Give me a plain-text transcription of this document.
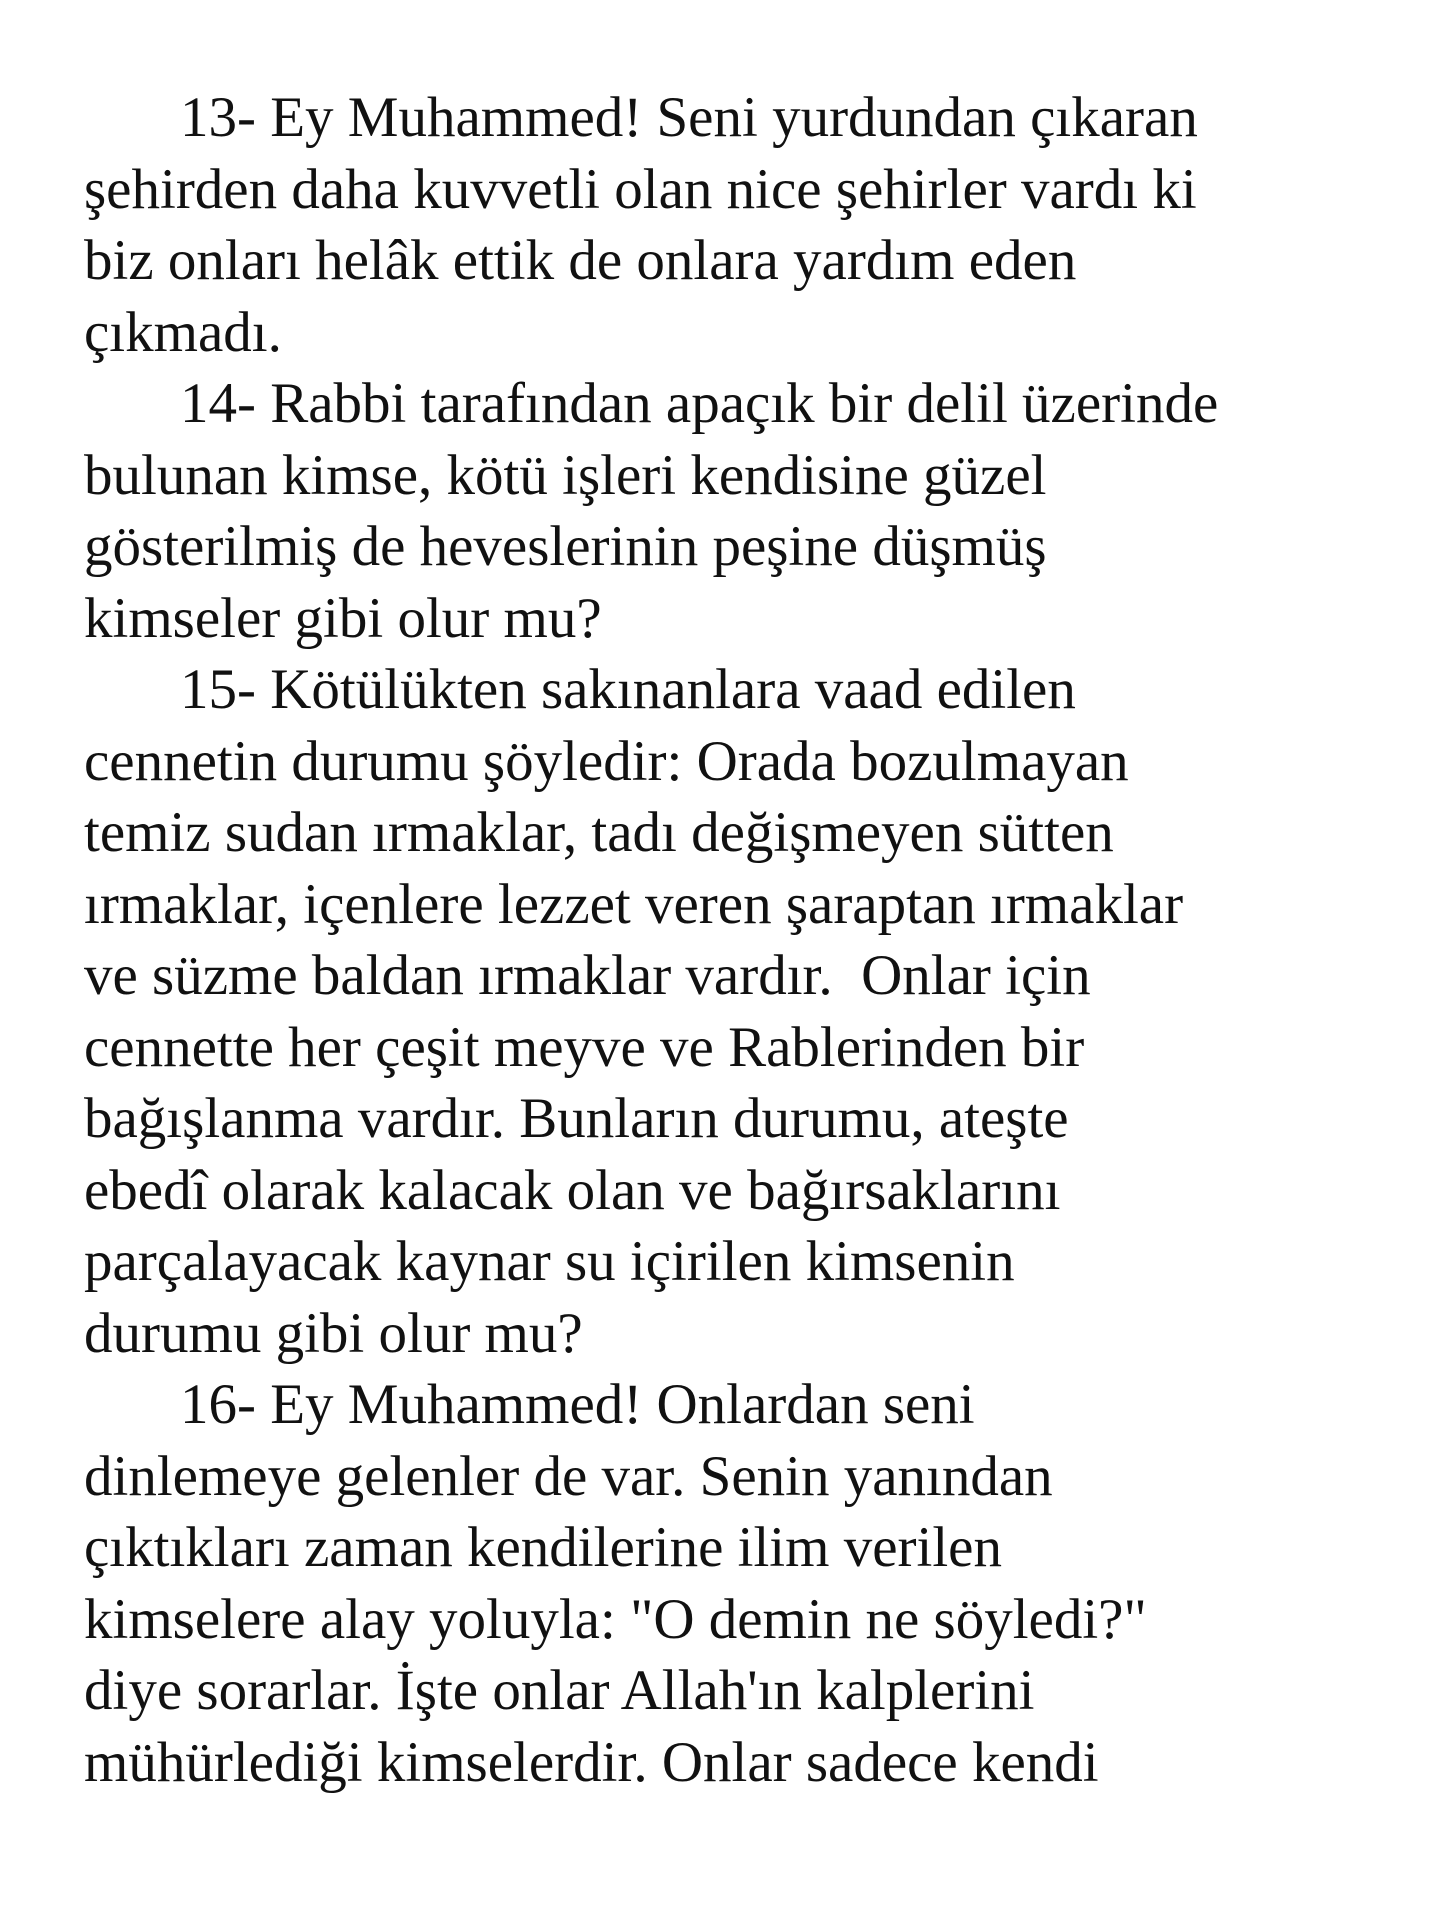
13- Ey Muhammed! Seni yurdundan çıkaran
şehirden daha kuvvetli olan nice şehirler vardı ki
biz onları helâk ettik de onlara yardım eden
çıkmadı.
14- Rabbi tarafından apaçık bir delil üzerinde
bulunan kimse, kötü işleri kendisine güzel
gösterilmiş de heveslerinin peşine düşmüş
kimseler gibi olur mu?
15- Kötülükten sakınanlara vaad edilen
cennetin durumu şöyledir: Orada bozulmayan
temiz sudan ırmaklar, tadı değişmeyen sütten
ırmaklar, içenlere lezzet veren şaraptan ırmaklar
ve süzme baldan ırmaklar vardır.  Onlar için
cennette her çeşit meyve ve Rablerinden bir
bağışlanma vardır. Bunların durumu, ateşte
ebedî olarak kalacak olan ve bağırsaklarını
parçalayacak kaynar su içirilen kimsenin
durumu gibi olur mu?
16- Ey Muhammed! Onlardan seni
dinlemeye gelenler de var. Senin yanından
çıktıkları zaman kendilerine ilim verilen
kimselere alay yoluyla: "O demin ne söyledi?"
diye sorarlar. İşte onlar Allah'ın kalplerini
mühürlediği kimselerdir. Onlar sadece kendi
